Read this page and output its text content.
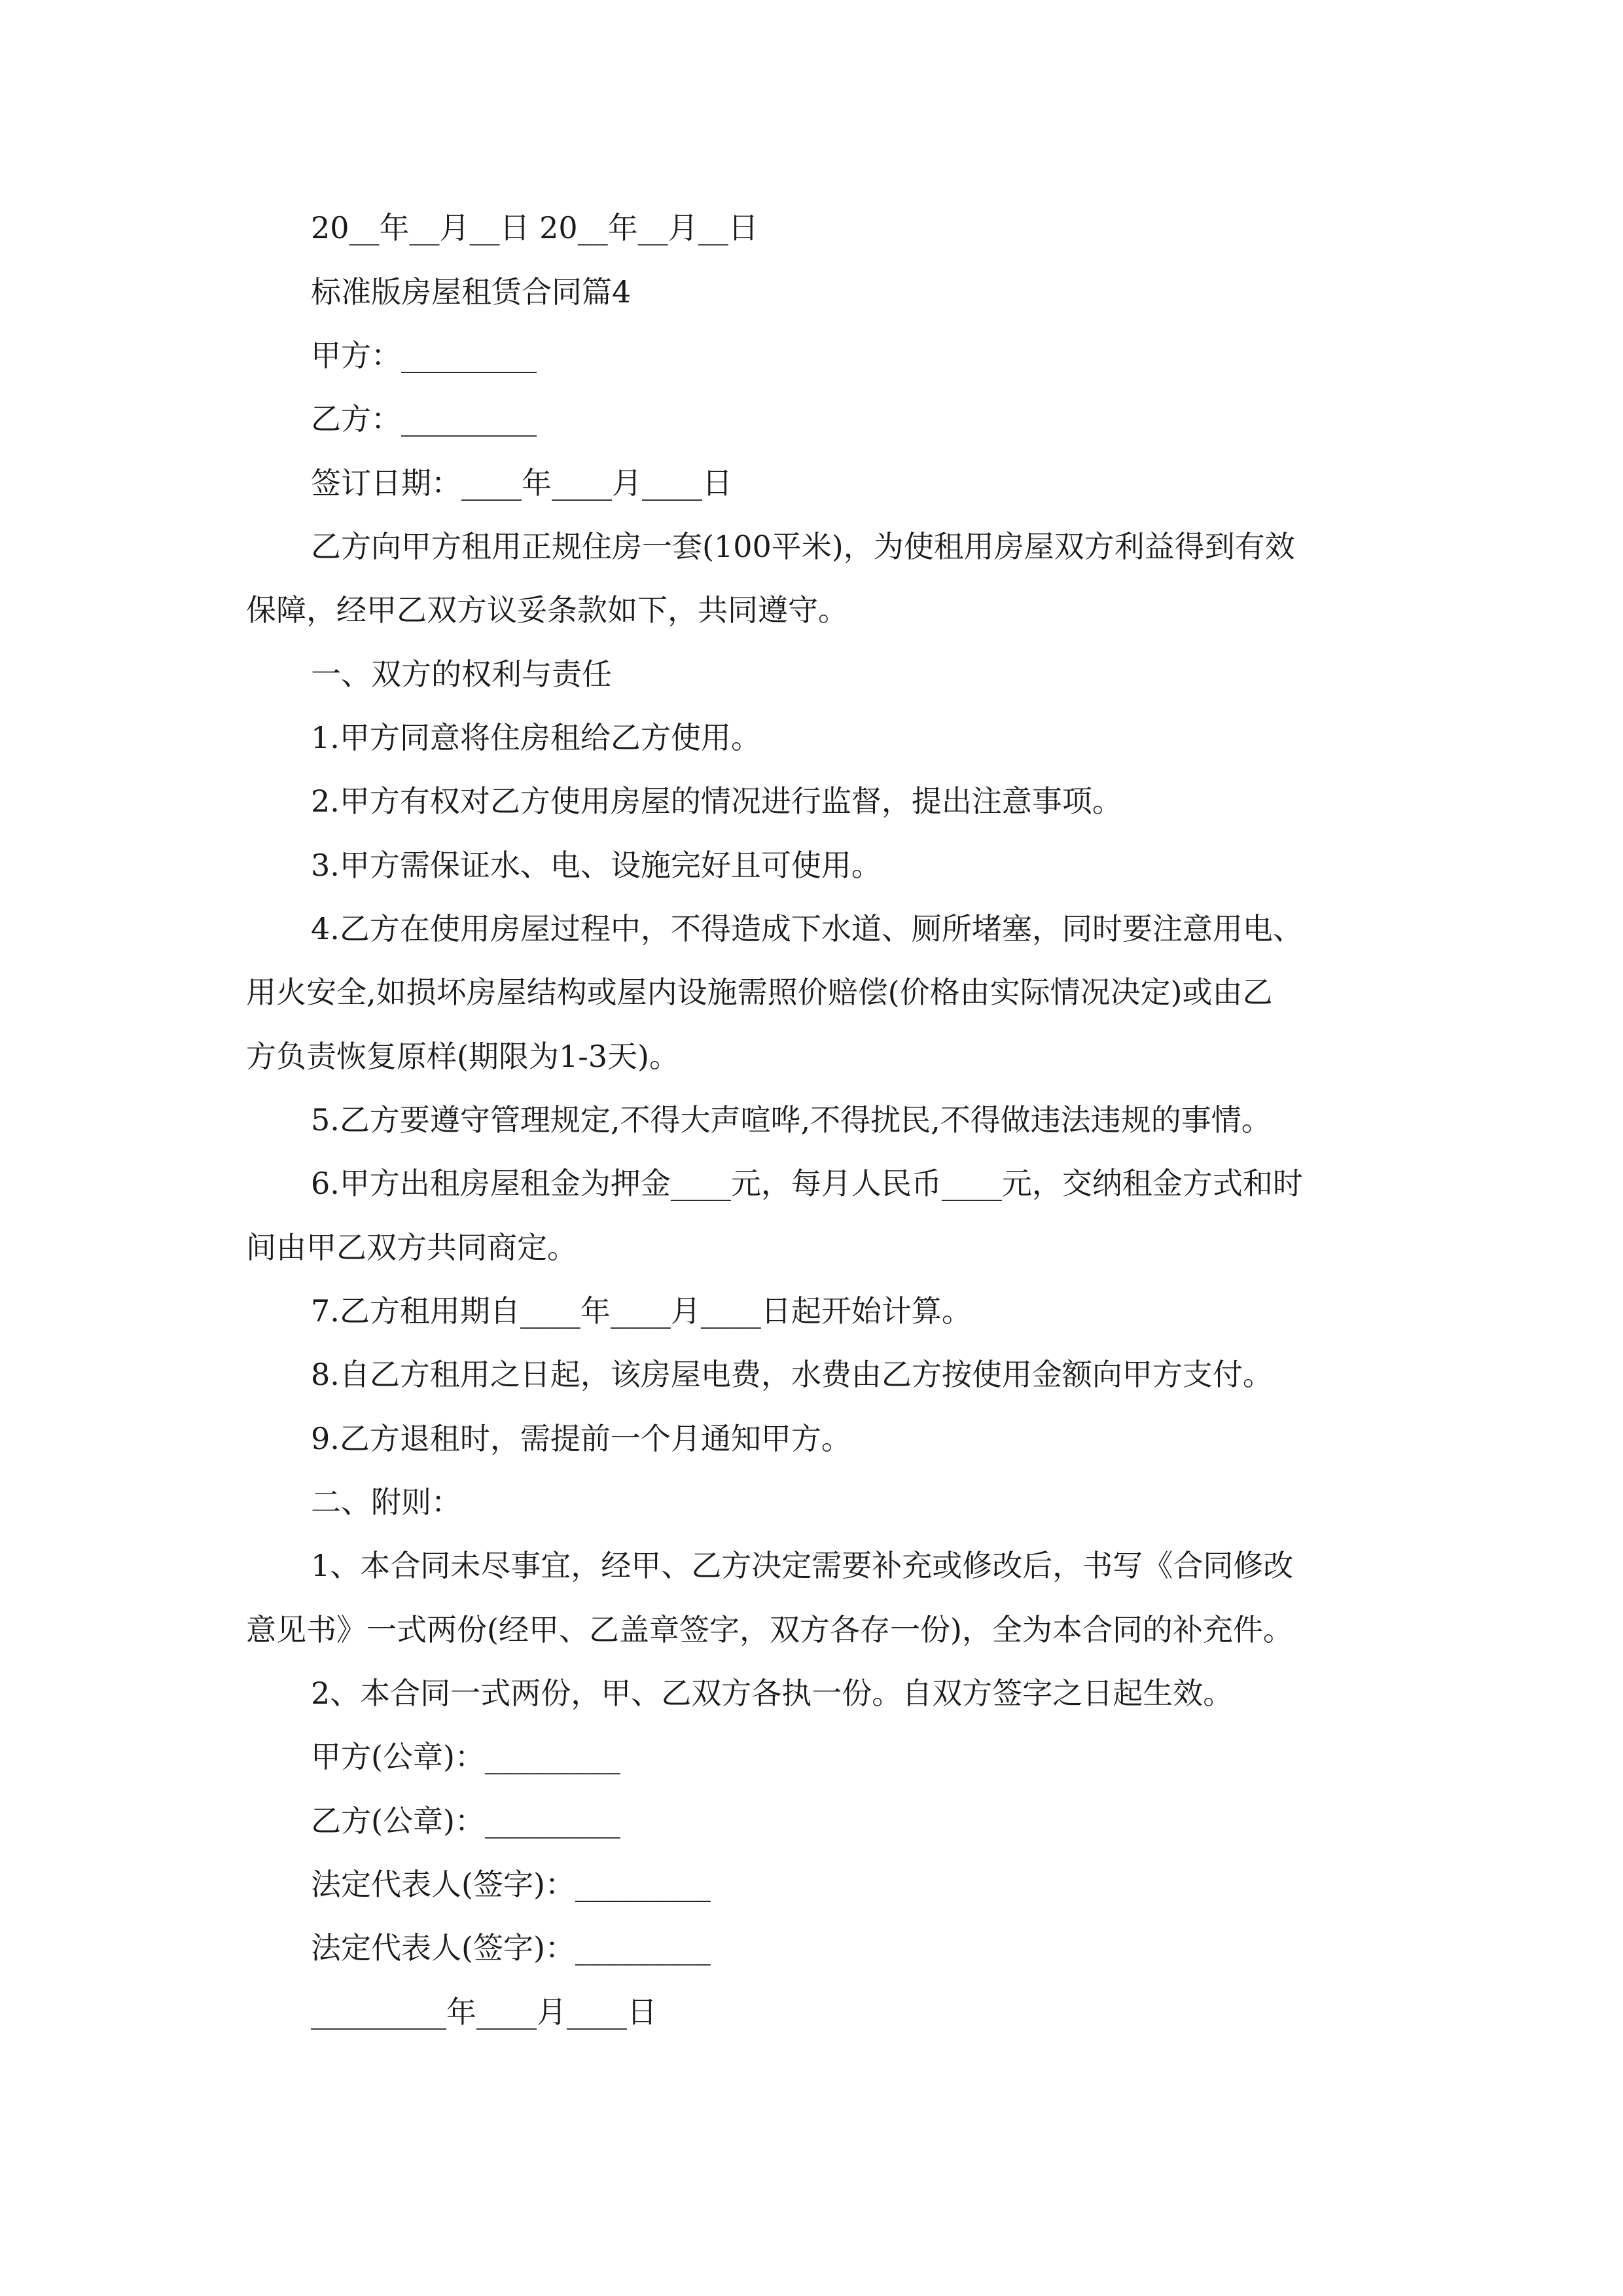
20__年__月__日 20__年__月__日
标准版房屋租赁合同篇4
甲方：_________
乙方：_________
签订日期：____年____月____日
乙方向甲方租用正规住房一套(100平米)，为使租用房屋双方利益得到有效
保障，经甲乙双方议妥条款如下，共同遵守。
一、双方的权利与责任
1.甲方同意将住房租给乙方使用。
2.甲方有权对乙方使用房屋的情况进行监督，提出注意事项。
3.甲方需保证水、电、设施完好且可使用。
4.乙方在使用房屋过程中，不得造成下水道、厕所堵塞，同时要注意用电、
用火安全,如损坏房屋结构或屋内设施需照价赔偿(价格由实际情况决定)或由乙
方负责恢复原样(期限为1-3天)。
5.乙方要遵守管理规定,不得大声喧哗,不得扰民,不得做违法违规的事情。
6.甲方出租房屋租金为押金____元，每月人民币____元，交纳租金方式和时
间由甲乙双方共同商定。
7.乙方租用期自____年____月____日起开始计算。
8.自乙方租用之日起，该房屋电费，水费由乙方按使用金额向甲方支付。
9.乙方退租时，需提前一个月通知甲方。
二、附则：
1、本合同未尽事宜，经甲、乙方决定需要补充或修改后，书写《合同修改
意见书》一式两份(经甲、乙盖章签字，双方各存一份)，全为本合同的补充件。
2、本合同一式两份，甲、乙双方各执一份。自双方签字之日起生效。
甲方(公章)：_________
乙方(公章)：_________
法定代表人(签字)：_________
法定代表人(签字)：_________
_________年____月____日
